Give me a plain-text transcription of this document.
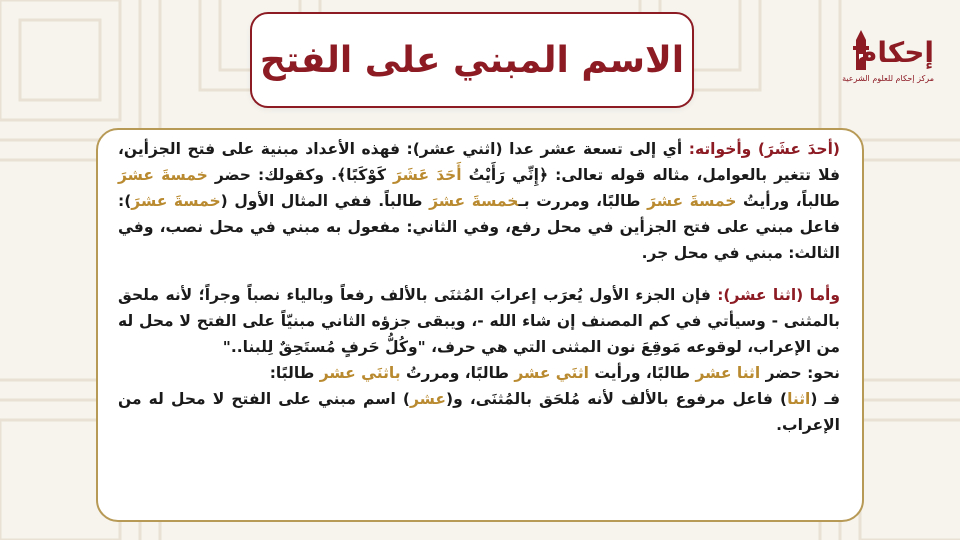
الاسم المبني على الفتح	إحكام
مركز إحكام للعلوم الشرعية

(أحدَ عشَرَ) وأخواته: أي إلى تسعة عشر عدا (اثني عشر): فهذه الأعداد مبنية على فتح الجزأين، فلا تتغير بالعوامل، مثاله قوله تعالى: ﴿إِنِّي رَأَيْتُ أَحَدَ عَشَرَ كَوْكَبًا﴾. وكقولك: حضر خمسةَ عشرَ طالباً، ورأيتُ خمسةَ عشرَ طالبًا، ومررت بـخمسةَ عشرَ طالباً. ففي المثال الأول (خمسةَ عشرَ): فاعل مبني على فتح الجزأين في محل رفع، وفي الثاني: مفعول به مبني في محل نصب، وفي الثالث: مبني في محل جر.

وأما (اثنا عشر): فإن الجزء الأول يُعرَب إعرابَ المُثنَى بالألف رفعاً وبالياء نصباً وجراً؛ لأنه ملحق بالمثنى - وسيأتي في كم المصنف إن شاء الله -، ويبقى جزؤه الثاني مبنيّاً على الفتح لا محل له من الإعراب، لوقوعه مَوقِعَ نون المثنى التي هي حرف، "وكُلُّ حَرفٍ مُستَحِقٌ لِلبنا.."
نحو: حضر اثنا عشر طالبًا، ورأيت اثنَي عشر طالبًا، ومررتُ باثنَي عشر طالبًا:
فـ (اثنا) فاعل مرفوع بالألف لأنه مُلحَق بالمُثنَى، و(عشر) اسم مبني على الفتح لا محل له من الإعراب.
